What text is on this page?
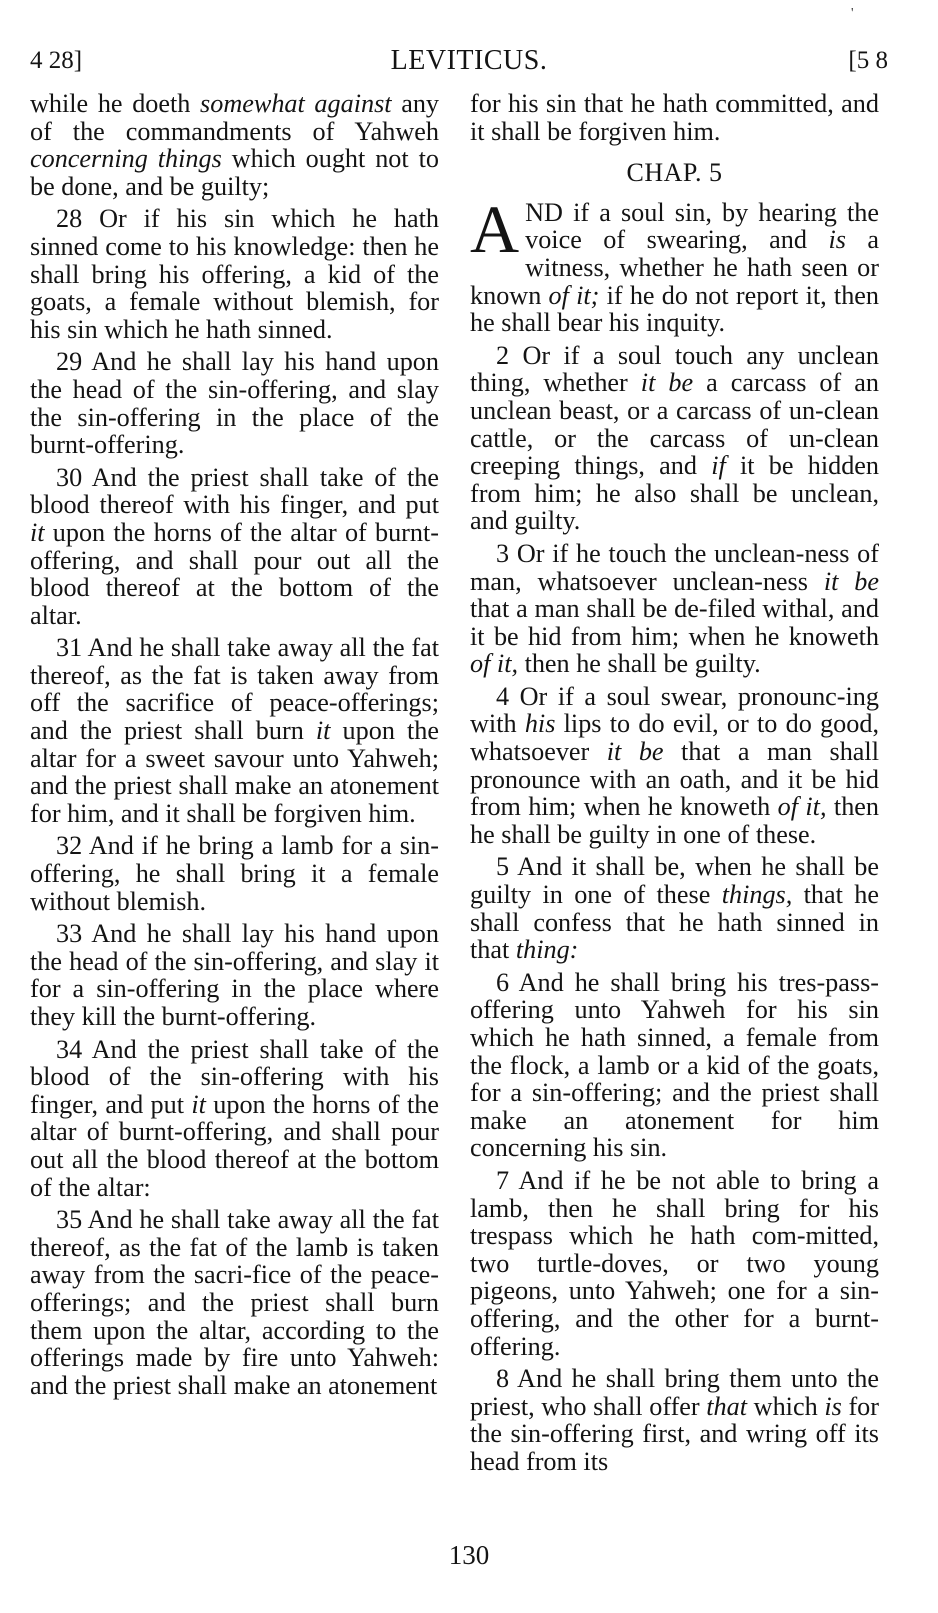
'
4 28]	LEVITICUS.	[5 8

while he doeth somewhat against any of the commandments of Yahweh concerning things which ought not to be done, and be guilty;

28 Or if his sin which he hath sinned come to his knowledge: then he shall bring his offering, a kid of the goats, a female without blemish, for his sin which he hath sinned.

29 And he shall lay his hand upon the head of the sin-offering, and slay the sin-offering in the place of the burnt-offering.

30 And the priest shall take of the blood thereof with his finger, and put it upon the horns of the altar of burnt-offering, and shall pour out all the blood thereof at the bottom of the altar.

31 And he shall take away all the fat thereof, as the fat is taken away from off the sacrifice of peace-offerings; and the priest shall burn it upon the altar for a sweet savour unto Yahweh; and the priest shall make an atonement for him, and it shall be forgiven him.

32 And if he bring a lamb for a sin-offering, he shall bring it a female without blemish.

33 And he shall lay his hand upon the head of the sin-offering, and slay it for a sin-offering in the place where they kill the burnt-offering.

34 And the priest shall take of the blood of the sin-offering with his finger, and put it upon the horns of the altar of burnt-offering, and shall pour out all the blood thereof at the bottom of the altar:

35 And he shall take away all the fat thereof, as the fat of the lamb is taken away from the sacri-fice of the peace-offerings; and the priest shall burn them upon the altar, according to the offerings made by fire unto Yahweh: and the priest shall make an atonement

for his sin that he hath committed, and it shall be forgiven him.

CHAP. 5

AND if a soul sin, by hearing the voice of swearing, and is a witness, whether he hath seen or known of it; if he do not report it, then he shall bear his inquity.

2 Or if a soul touch any unclean thing, whether it be a carcass of an unclean beast, or a carcass of un-clean cattle, or the carcass of un-clean creeping things, and if it be hidden from him; he also shall be unclean, and guilty.

3 Or if he touch the unclean-ness of man, whatsoever unclean-ness it be that a man shall be de-filed withal, and it be hid from him; when he knoweth of it, then he shall be guilty.

4 Or if a soul swear, pronounc-ing with his lips to do evil, or to do good, whatsoever it be that a man shall pronounce with an oath, and it be hid from him; when he knoweth of it, then he shall be guilty in one of these.

5 And it shall be, when he shall be guilty in one of these things, that he shall confess that he hath sinned in that thing:

6 And he shall bring his tres-pass-offering unto Yahweh for his sin which he hath sinned, a female from the flock, a lamb or a kid of the goats, for a sin-offering; and the priest shall make an atonement for him concerning his sin.

7 And if he be not able to bring a lamb, then he shall bring for his trespass which he hath com-mitted, two turtle-doves, or two young pigeons, unto Yahweh; one for a sin-offering, and the other for a burnt-offering.

8 And he shall bring them unto the priest, who shall offer that which is for the sin-offering first, and wring off its head from its

130
